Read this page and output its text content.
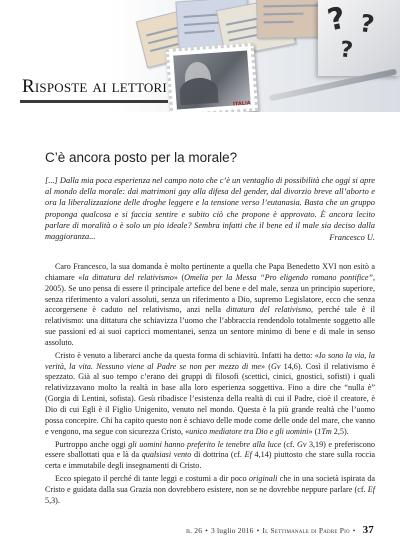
? ?
?
ITALIA
Risposte ai lettori
C’è ancora posto per la morale?
[...] Dalla mia poca esperienza nel campo noto che c’è un ventaglio di possibilità che oggi si apre al mondo della morale: dai matrimoni gay alla difesa del gender, dal divorzio breve all’aborto e ora la liberalizzazione delle droghe leggere e la tensione verso l’eutanasia. Basta che un gruppo proponga qualcosa e si faccia sentire e subito ciò che propone è approvato. È ancora lecito parlare di moralità o è solo un pio ideale? Sembra infatti che il bene ed il male sia deciso dalla maggioranza...	Francesco U.

Caro Francesco, la sua domanda è molto pertinente a quella che Papa Benedetto XVI non esitò a chiamare «la dittatura del relativismo» (Omelia per la Messa “Pro eligendo romano pontifice”, 2005). Se uno pensa di essere il principale artefice del bene e del male, senza un principio superiore, senza riferimento a valori assoluti, senza un riferimento a Dio, supremo Legislatore, ecco che senza accorgersene è caduto nel relativismo, anzi nella dittatura del relativismo, perché tale è il relativismo: una dittatura che schiavizza l’uomo che l’abbraccia rendendolo totalmente soggetto alle sue passioni ed ai suoi capricci momentanei, senza un sentore minimo di bene e di male in senso assoluto.

Cristo è venuto a liberarci anche da questa forma di schiavitù. Infatti ha detto: «Io sono la via, la verità, la vita. Nessuno viene al Padre se non per mezzo di me» (Gv 14,6). Così il relativismo è spezzato. Già al suo tempo c’erano dei gruppi di filosofi (scettici, cinici, gnostici, sofisti) i quali relativizzavano molto la realtà in base alla loro esperienza soggettiva. Fino a dire che “nulla è” (Gorgia di Lentini, sofista). Gesù ribadisce l’esistenza della realtà di cui il Padre, cioè il creatore, è Dio di cui Egli è il Figlio Unigenito, venuto nel mondo. Questa è la più grande realtà che l’uomo possa concepire. Chi ha capito questo non è schiavo delle mode come delle onde del mare, che vanno e vengono, ma segue con sicurezza Cristo, «unico mediatore tra Dio e gli uomini» (1Tm 2,5).

Purtroppo anche oggi gli uomini hanno preferito le tenebre alla luce (cf. Gv 3,19) e preferiscono essere sballottati qua e là da qualsiasi vento di dottrina (cf. Ef 4,14) piuttosto che stare sulla roccia certa e immutabile degli insegnamenti di Cristo.

Ecco spiegato il perché di tante leggi e costumi a dir poco originali che in una società ispirata da Cristo e guidata dalla sua Grazia non dovrebbero esistere, non se ne dovrebbe neppure parlare (cf. Ef 5,3).

n. 26 • 3 luglio 2016 • Il Settimanale di Padre Pio • 37
